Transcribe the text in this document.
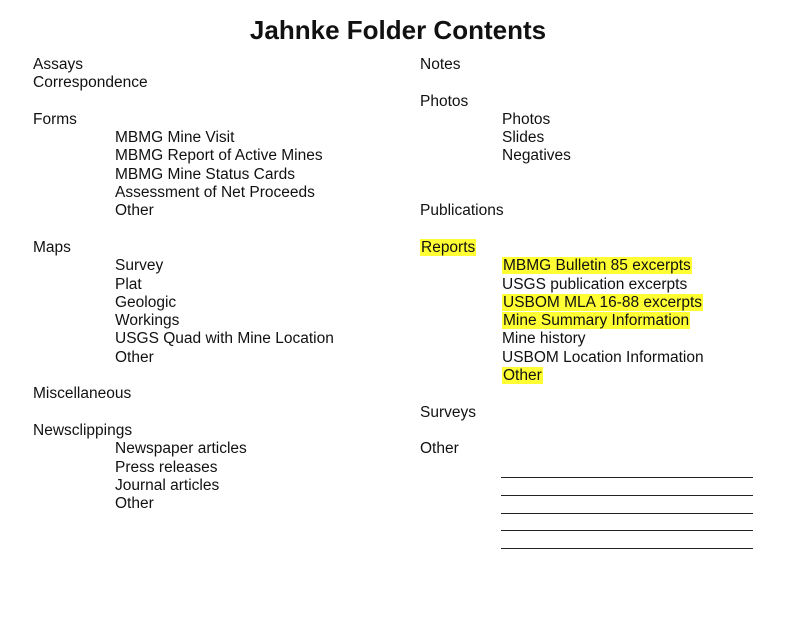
Jahnke Folder Contents
Assays
Correspondence
Forms
MBMG Mine Visit
MBMG Report of Active Mines
MBMG Mine Status Cards
Assessment of Net Proceeds
Other
Maps
Survey
Plat
Geologic
Workings
USGS Quad with Mine Location
Other
Miscellaneous
Newsclippings
Newspaper articles
Press releases
Journal articles
Other
Notes
Photos
Photos
Slides
Negatives
Publications
Reports
MBMG Bulletin 85 excerpts
USGS publication excerpts
USBOM MLA 16-88 excerpts
Mine Summary Information
Mine history
USBOM Location Information
Other
Surveys
Other
